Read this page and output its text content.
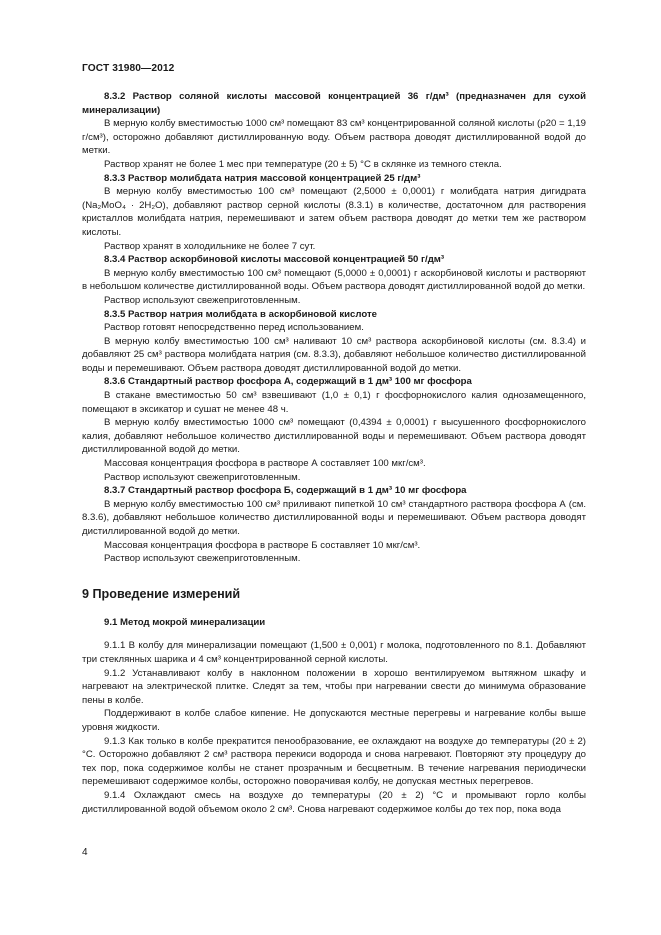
ГОСТ 31980—2012

8.3.2 Раствор соляной кислоты массовой концентрацией 36 г/дм³ (предназначен для сухой минерализации)

В мерную колбу вместимостью 1000 см³ помещают 83 см³ концентрированной соляной кислоты (ρ20 = 1,19 г/см³), осторожно добавляют дистиллированную воду. Объем раствора доводят дистиллированной водой до метки.

Раствор хранят не более 1 мес при температуре (20 ± 5) °С в склянке из темного стекла.

8.3.3 Раствор молибдата натрия массовой концентрацией 25 г/дм³

В мерную колбу вместимостью 100 см³ помещают (2,5000 ± 0,0001) г молибдата натрия дигидрата (Na₂MoO₄ · 2H₂O), добавляют раствор серной кислоты (8.3.1) в количестве, достаточном для растворения кристаллов молибдата натрия, перемешивают и затем объем раствора доводят до метки тем же раствором кислоты.

Раствор хранят в холодильнике не более 7 сут.

8.3.4 Раствор аскорбиновой кислоты массовой концентрацией 50 г/дм³

В мерную колбу вместимостью 100 см³ помещают (5,0000 ± 0,0001) г аскорбиновой кислоты и растворяют в небольшом количестве дистиллированной воды. Объем раствора доводят дистиллированной водой до метки.

Раствор используют свежеприготовленным.

8.3.5 Раствор натрия молибдата в аскорбиновой кислоте

Раствор готовят непосредственно перед использованием.

В мерную колбу вместимостью 100 см³ наливают 10 см³ раствора аскорбиновой кислоты (см. 8.3.4) и добавляют 25 см³ раствора молибдата натрия (см. 8.3.3), добавляют небольшое количество дистиллированной воды и перемешивают. Объем раствора доводят дистиллированной водой до метки.

8.3.6 Стандартный раствор фосфора А, содержащий в 1 дм³ 100 мг фосфора

В стакане вместимостью 50 см³ взвешивают (1,0 ± 0,1) г фосфорнокислого калия однозамещенного, помещают в эксикатор и сушат не менее 48 ч.

В мерную колбу вместимостью 1000 см³ помещают (0,4394 ± 0,0001) г высушенного фосфорнокислого калия, добавляют небольшое количество дистиллированной воды и перемешивают. Объем раствора доводят дистиллированной водой до метки.

Массовая концентрация фосфора в растворе А составляет 100 мкг/см³.

Раствор используют свежеприготовленным.

8.3.7 Стандартный раствор фосфора Б, содержащий в 1 дм³ 10 мг фосфора

В мерную колбу вместимостью 100 см³ приливают пипеткой 10 см³ стандартного раствора фосфора А (см. 8.3.6), добавляют небольшое количество дистиллированной воды и перемешивают. Объем раствора доводят дистиллированной водой до метки.

Массовая концентрация фосфора в растворе Б составляет 10 мкг/см³.

Раствор используют свежеприготовленным.

9 Проведение измерений
9.1 Метод мокрой минерализации

9.1.1 В колбу для минерализации помещают (1,500 ± 0,001) г молока, подготовленного по 8.1. Добавляют три стеклянных шарика и 4 см³ концентрированной серной кислоты.

9.1.2 Устанавливают колбу в наклонном положении в хорошо вентилируемом вытяжном шкафу и нагревают на электрической плитке. Следят за тем, чтобы при нагревании свести до минимума образование пены в колбе.

Поддерживают в колбе слабое кипение. Не допускаются местные перегревы и нагревание колбы выше уровня жидкости.

9.1.3 Как только в колбе прекратится пенообразование, ее охлаждают на воздухе до температуры (20 ± 2) °С. Осторожно добавляют 2 см³ раствора перекиси водорода и снова нагревают. Повторяют эту процедуру до тех пор, пока содержимое колбы не станет прозрачным и бесцветным. В течение нагревания периодически перемешивают содержимое колбы, осторожно поворачивая колбу, не допуская местных перегревов.

9.1.4 Охлаждают смесь на воздухе до температуры (20 ± 2) °С и промывают горло колбы дистиллированной водой объемом около 2 см³. Снова нагревают содержимое колбы до тех пор, пока вода

4
